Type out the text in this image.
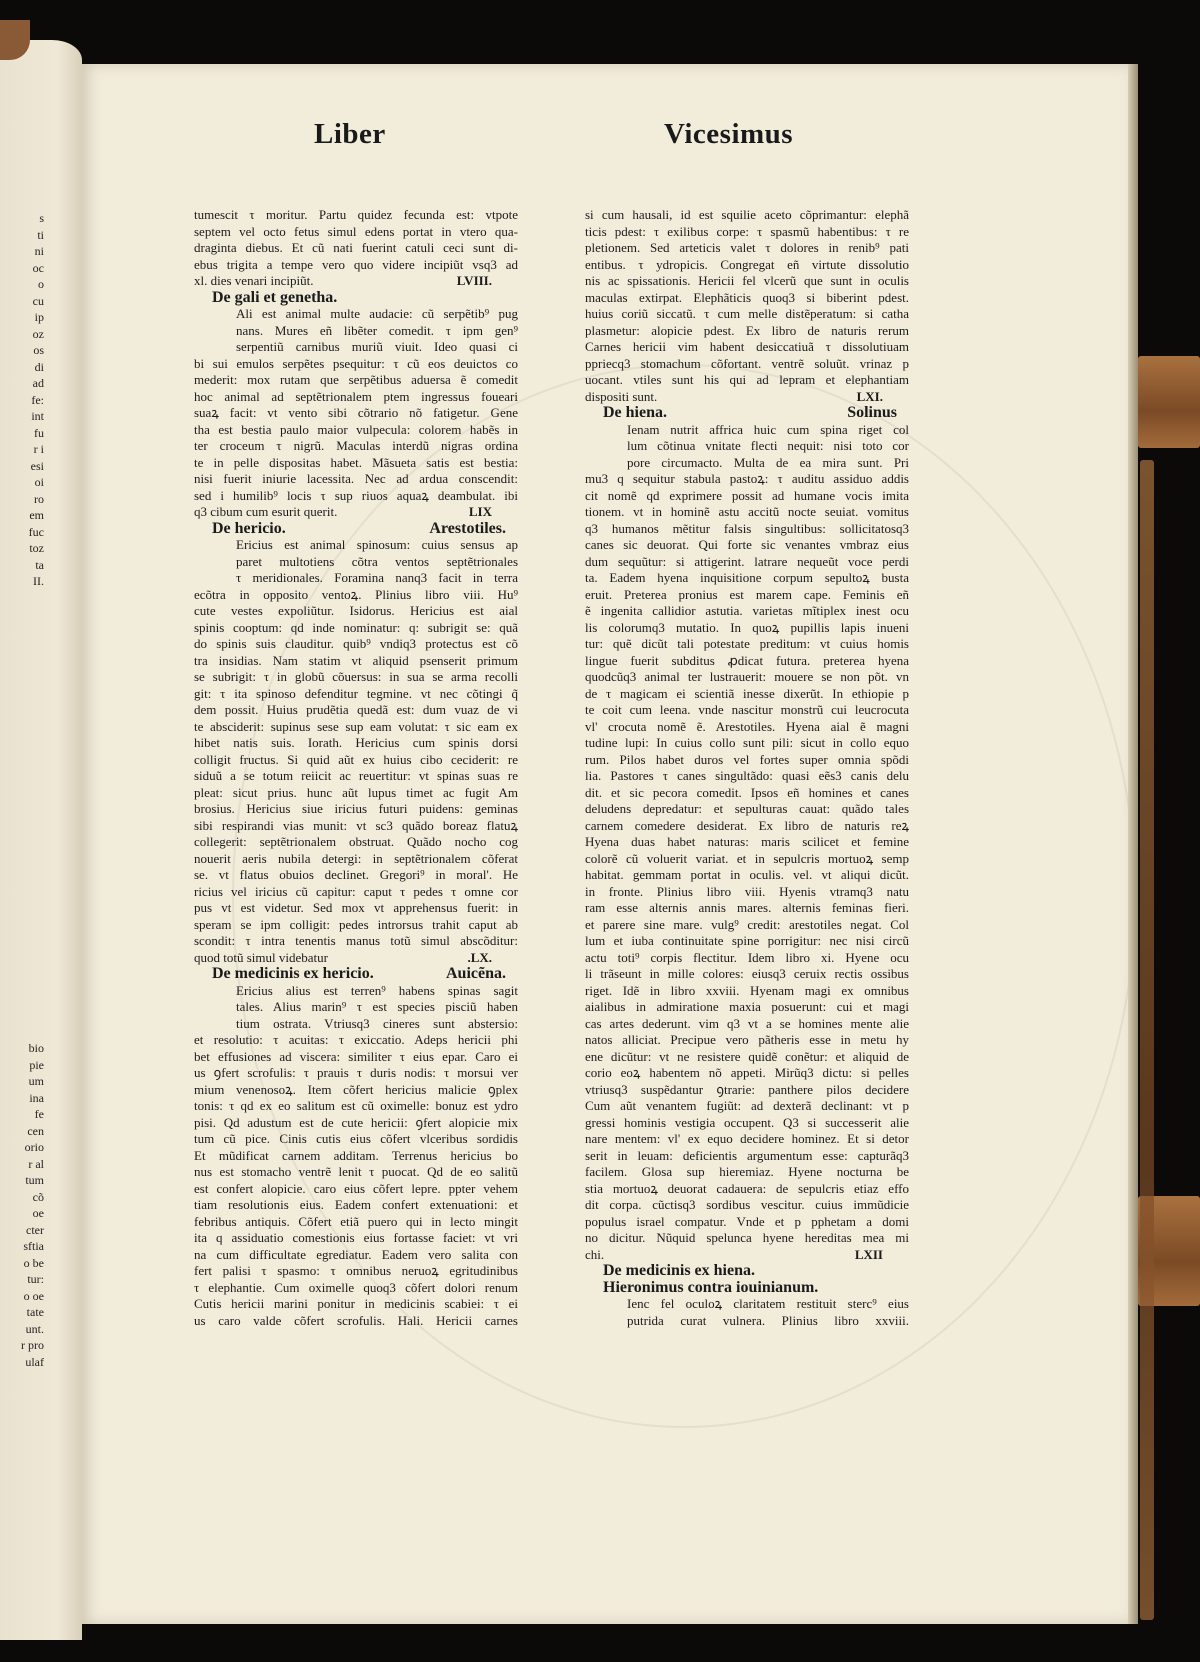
s
ti
ni
oc
o
cu
ip
oz
os
di
ad
fe:
int
fu
r i
esi
oi
ro
em
fuc
toz
ta
II.
bio
pie
um
ina
fe
cen
orio
r al
tum
cõ
oe
cter
sftia
o be
tur:
o oe
tate
unt.
r pro
ulaf
Liber	Vicesimus
tumescit τ moritur. Partu quidez fecunda est: vtpote
septem vel octo fetus simul edens portat in vtero qua-
draginta diebus. Et cũ nati fuerint catuli ceci sunt di-
ebus trigita a tempe vero quo videre incipiũt vsq3 ad
LVIII.
xl. dies venari incipiũt.
De gali et genetha.
Ali est animal multe audacie: cũ serpẽtib⁹ pug
nans. Mures eñ libẽter comedit. τ ipm gen⁹
serpentiũ carnibus muriũ viuit. Ideo quasi ci
bi sui emulos serpẽtes psequitur: τ cũ eos deuictos co
mederit: mox rutam que serpẽtibus aduersa ẽ comedit
hoc animal ad septẽtrionalem ptem ingressus foueari
suaꝝ facit: vt vento sibi cõtrario nõ fatigetur. Gene
tha est bestia paulo maior vulpecula: colorem habẽs in
ter croceum τ nigrũ. Maculas interdũ nigras ordina
te in pelle dispositas habet. Mãsueta satis est bestia:
nisi fuerit iniurie lacessita. Nec ad ardua conscendit:
sed i humilib⁹ locis τ sup riuos aquaꝝ deambulat. ibi
LIX
q3 cibum cum esurit querit.
Arestotiles.
De hericio.
Ericius est animal spinosum: cuius sensus ap
paret multotiens cõtra ventos septẽtrionales
τ meridionales. Foramina nanq3 facit in terra
ecõtra in opposito ventoꝝ. Plinius libro viii. Hu⁹
cute vestes expoliũtur. Isidorus. Hericius est aial
spinis cooptum: qd inde nominatur: q: subrigit se: quã
do spinis suis clauditur. quib⁹ vndiq3 protectus est cõ
tra insidias. Nam statim vt aliquid psenserit primum
se subrigit: τ in globũ cõuersus: in sua se arma recolli
git: τ ita spinoso defenditur tegmine. vt nec cõtingi q̃
dem possit. Huius prudẽtia quedã est: dum vuaz de vi
te absciderit: supinus sese sup eam volutat: τ sic eam ex
hibet natis suis. Iorath. Hericius cum spinis dorsi
colligit fructus. Si quid aũt ex huius cibo ceciderit: re
siduũ a se totum reiicit ac reuertitur: vt spinas suas re
pleat: sicut prius. hunc aũt lupus timet ac fugit Am
brosius. Hericius siue iricius futuri puidens: geminas
sibi respirandi vias munit: vt sc3 quãdo boreaz flatuꝝ
collegerit: septẽtrionalem obstruat. Quãdo nocho cog
nouerit aeris nubila detergi: in septẽtrionalem cõferat
se. vt flatus obuios declinet. Gregori⁹ in moral'. He
ricius vel iricius cũ capitur: caput τ pedes τ omne cor
pus vt est videtur. Sed mox vt apprehensus fuerit: in
speram se ipm colligit: pedes introrsus trahit caput ab
scondit: τ intra tenentis manus totũ simul abscõditur:
.LX.
quod totũ simul videbatur
Auicẽna.
De medicinis ex hericio.
Ericius alius est terren⁹ habens spinas sagit
tales. Alius marin⁹ τ est species pisciũ haben
tium ostrata. Vtriusq3 cineres sunt abstersio:
et resolutio: τ acuitas: τ exiccatio. Adeps hericii phi
bet effusiones ad viscera: similiter τ eius epar. Caro ei
us ꝯfert scrofulis: τ prauis τ duris nodis: τ morsui ver
mium venenosoꝝ. Item cõfert hericius malicie ꝯplex
tonis: τ qd ex eo salitum est cũ oximelle: bonuz est ydro
pisi. Qd adustum est de cute hericii: ꝯfert alopicie mix
tum cũ pice. Cinis cutis eius cõfert vlceribus sordidis
Et mũdificat carnem additam. Terrenus hericius bo
nus est stomacho ventrẽ lenit τ puocat. Qd de eo salitũ
est confert alopicie. caro eius cõfert lepre. ppter vehem
tiam resolutionis eius. Eadem confert extenuationi: et
febribus antiquis. Cõfert etiã puero qui in lecto mingit
ita q assiduatio comestionis eius fortasse faciet: vt vri
na cum difficultate egrediatur. Eadem vero salita con
fert palisi τ spasmo: τ omnibus neruoꝝ egritudinibus
τ elephantie. Cum oximelle quoq3 cõfert dolori renum
Cutis hericii marini ponitur in medicinis scabiei: τ ei
us caro valde cõfert scrofulis. Hali. Hericii carnes
si cum hausali, id est squilie aceto cõprimantur: elephã
ticis pdest: τ exilibus corpe: τ spasmũ habentibus: τ re
pletionem. Sed arteticis valet τ dolores in renib⁹ pati
entibus. τ ydropicis. Congregat eñ virtute dissolutio
nis ac spissationis. Hericii fel vlcerũ que sunt in oculis
maculas extirpat. Elephãticis quoq3 si biberint pdest.
huius coriũ siccatũ. τ cum melle distẽperatum: si catha
plasmetur: alopicie pdest. Ex libro de naturis rerum
Carnes hericii vim habent desiccatiuã τ dissolutiuam
ppriecq3 stomachum cõfortant. ventrẽ soluũt. vrinaz p
uocant. vtiles sunt his qui ad lepram et elephantiam
LXI.
dispositi sunt.
Solinus
De hiena.
Ienam nutrit affrica huic cum spina riget col
lum cõtinua vnitate flecti nequit: nisi toto cor
pore circumacto. Multa de ea mira sunt. Pri
mu3 q sequitur stabula pastoꝝ: τ auditu assiduo addis
cit nomẽ qd exprimere possit ad humane vocis imita
tionem. vt in hominẽ astu accitũ nocte seuiat. vomitus
q3 humanos mẽtitur falsis singultibus: sollicitatosq3
canes sic deuorat. Qui forte sic venantes vmbraz eius
dum sequũtur: si attigerint. latrare nequeũt voce perdi
ta. Eadem hyena inquisitione corpum sepultoꝝ busta
eruit. Preterea pronius est marem cape. Feminis eñ
ẽ ingenita callidior astutia. varietas mĩtiplex inest ocu
lis colorumq3 mutatio. In quoꝝ pupillis lapis inueni
tur: quẽ dicũt tali potestate preditum: vt cuius homis
lingue fuerit subditus ꝓdicat futura. preterea hyena
quodcũq3 animal ter lustrauerit: mouere se non põt. vn
de τ magicam ei scientiã inesse dixerũt. In ethiopie p
te coit cum leena. vnde nascitur monstrũ cui leucrocuta
vl' crocuta nomẽ ẽ. Arestotiles. Hyena aial ẽ magni
tudine lupi: In cuius collo sunt pili: sicut in collo equo
rum. Pilos habet duros vel fortes super omnia spõdi
lia. Pastores τ canes singultãdo: quasi eẽs3 canis delu
dit. et sic pecora comedit. Ipsos eñ homines et canes
deludens depredatur: et sepulturas cauat: quãdo tales
carnem comedere desiderat. Ex libro de naturis reꝝ
Hyena duas habet naturas: maris scilicet et femine
colorẽ cũ voluerit variat. et in sepulcris mortuoꝝ semp
habitat. gemmam portat in oculis. vel. vt aliqui dicũt.
in fronte. Plinius libro viii. Hyenis vtramq3 natu
ram esse alternis annis mares. alternis feminas fieri.
et parere sine mare. vulg⁹ credit: arestotiles negat. Col
lum et iuba continuitate spine porrigitur: nec nisi circũ
actu toti⁹ corpis flectitur. Idem libro xi. Hyene ocu
li trãseunt in mille colores: eiusq3 ceruix rectis ossibus
riget. Idẽ in libro xxviii. Hyenam magi ex omnibus
aialibus in admiratione maxia posuerunt: cui et magi
cas artes dederunt. vim q3 vt a se homines mente alie
natos alliciat. Precipue vero pãtheris esse in metu hy
ene dicũtur: vt ne resistere quidẽ conẽtur: et aliquid de
corio eoꝝ habentem nõ appeti. Mirũq3 dictu: si pelles
vtriusq3 suspẽdantur ꝯtrarie: panthere pilos decidere
Cum aũt venantem fugiũt: ad dexterã declinant: vt p
gressi hominis vestigia occupent. Q3 si successerit alie
nare mentem: vl' ex equo decidere hominez. Et si detor
serit in leuam: deficientis argumentum esse: capturãq3
facilem. Glosa sup hieremiaz. Hyene nocturna be
stia mortuoꝝ deuorat cadauera: de sepulcris etiaz effo
dit corpa. cũctisq3 sordibus vescitur. cuius immũdicie
populus israel compatur. Vnde et p pphetam a domi
no dicitur. Nũquid spelunca hyene hereditas mea mi
LXII
chi.
De medicinis ex hiena.
Hieronimus contra iouinianum.
Ienc fel oculoꝝ claritatem restituit sterc⁹ eius
putrida curat vulnera. Plinius libro xxviii.
